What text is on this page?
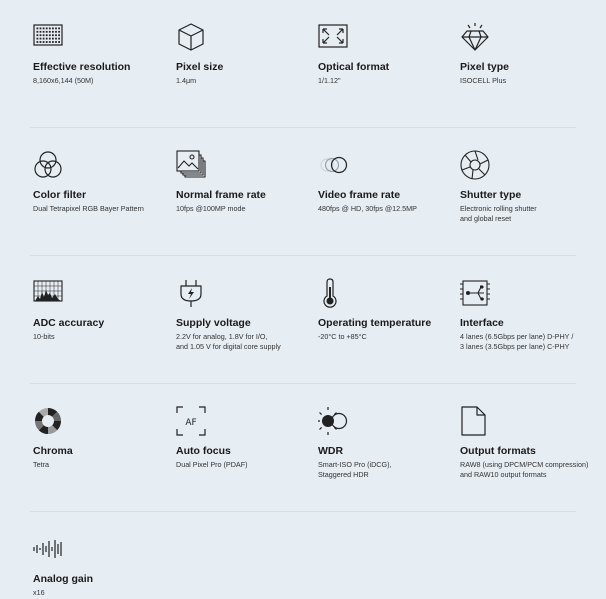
Effective resolution
8,160x6,144 (50M)
Pixel size
1.4μm
Optical format
1/1.12"
Pixel type
ISOCELL Plus
Color filter
Dual Tetrapixel RGB Bayer Pattern
Normal frame rate
10fps @100MP mode
Video frame rate
480fps @ HD, 30fps @12.5MP
Shutter type
Electronic rolling shutter
and global reset
ADC accuracy
10-bits
Supply voltage
2.2V for analog, 1.8V for I/O,
and 1.05 V for digital core supply
Operating temperature
-20°C to +85°C
Interface
4 lanes (6.5Gbps per lane) D-PHY /
3 lanes (3.5Gbps per lane) C-PHY
Chroma
Tetra
AF
Auto focus
Dual Pixel Pro (PDAF)
WDR
Smart-ISO Pro (iDCG),
Staggered HDR
Output formats
RAW8 (using DPCM/PCM compression)
and RAW10 output formats
Analog gain
x16
